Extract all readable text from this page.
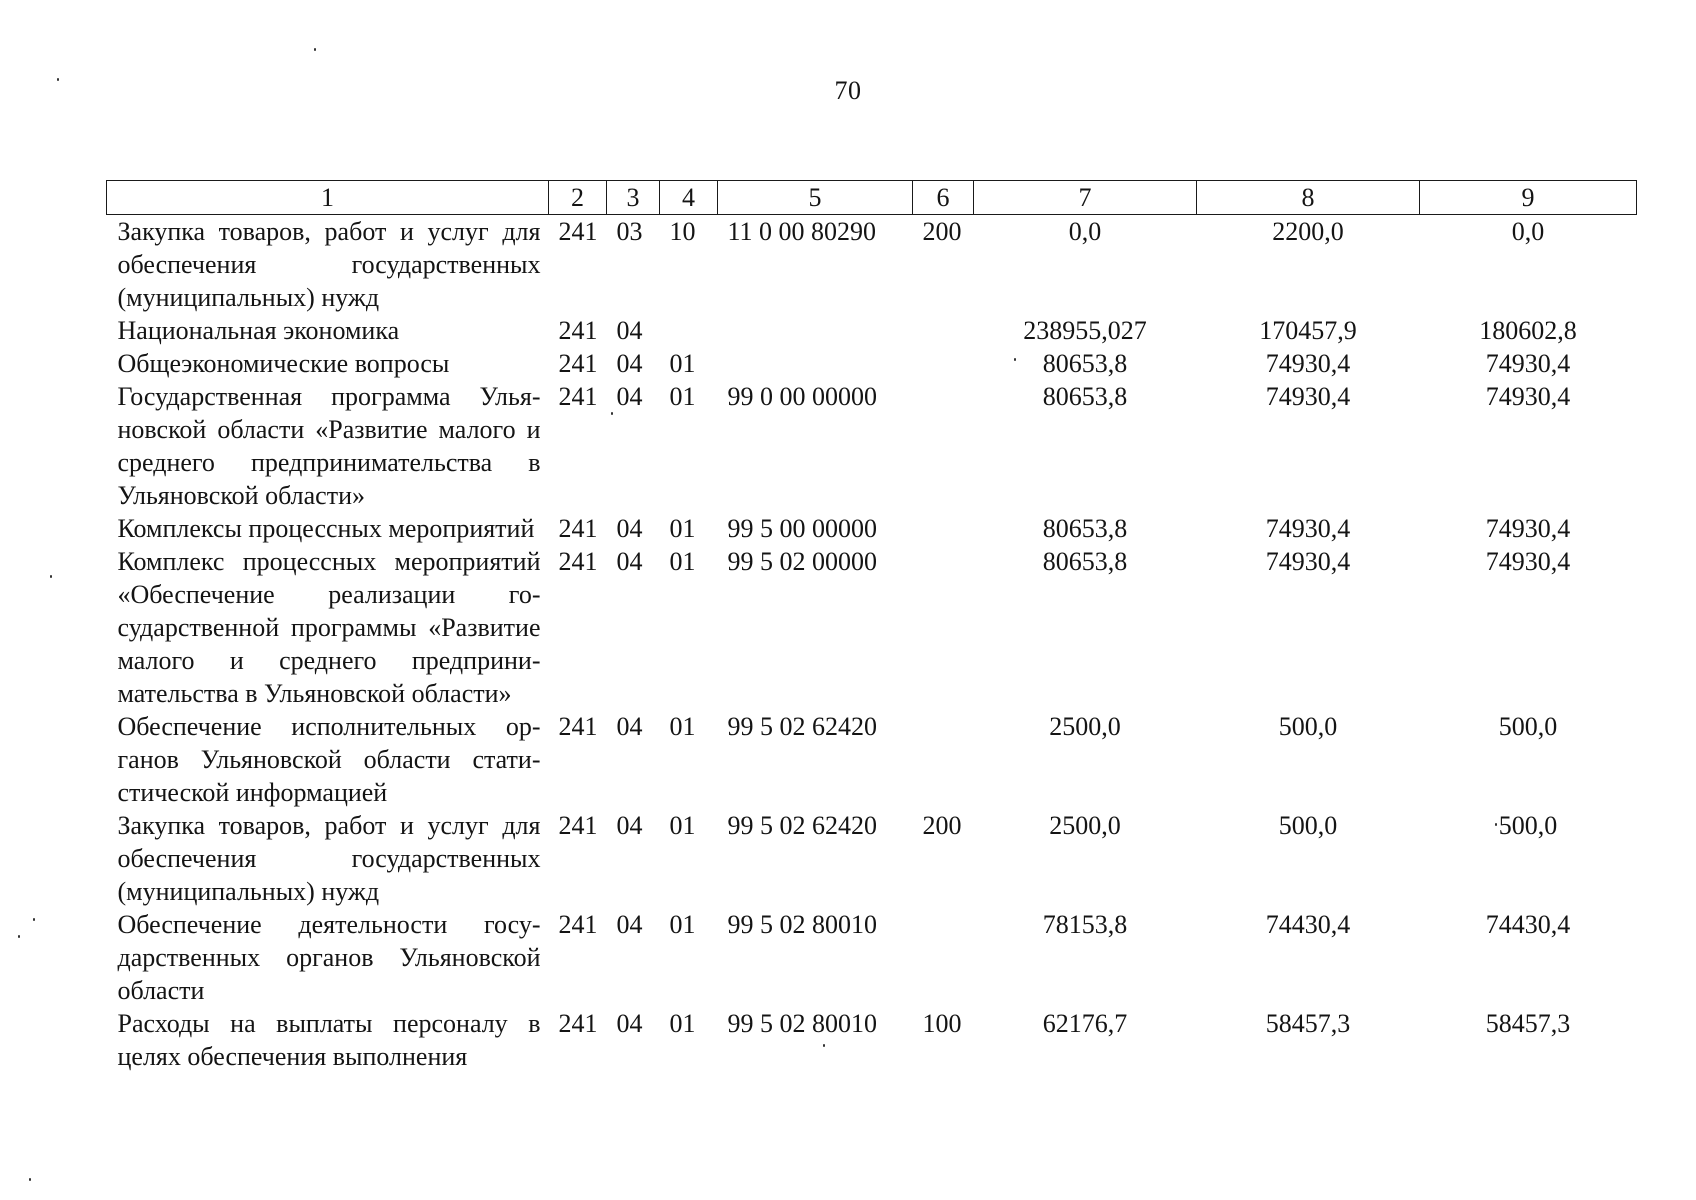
70
1	2	3	4	5	6	7	8	9
Закупка товаров, работ и услуг для обеспечения государственных (муниципальных) нужд	241	03	10	11 0 00 80290	200	0,0	2200,0	0,0
Национальная экономика	241	04				238955,027	170457,9	180602,8
Общеэкономические вопросы	241	04	01			80653,8	74930,4	74930,4
Государственная программа Ульяновской области «Развитие малого и среднего предпринимательства в Ульяновской области»	241	04	01	99 0 00 00000		80653,8	74930,4	74930,4
Комплексы процессных мероприятий	241	04	01	99 5 00 00000		80653,8	74930,4	74930,4
Комплекс процессных мероприятий «Обеспечение реализации государственной программы «Развитие малого и среднего предпринимательства в Ульяновской области»	241	04	01	99 5 02 00000		80653,8	74930,4	74930,4
Обеспечение исполнительных органов Ульяновской области статистической информацией	241	04	01	99 5 02 62420		2500,0	500,0	500,0
Закупка товаров, работ и услуг для обеспечения государственных (муниципальных) нужд	241	04	01	99 5 02 62420	200	2500,0	500,0	500,0
Обеспечение деятельности государственных органов Ульяновской области	241	04	01	99 5 02 80010		78153,8	74430,4	74430,4
Расходы на выплаты персоналу в целях обеспечения выполнения	241	04	01	99 5 02 80010	100	62176,7	58457,3	58457,3
